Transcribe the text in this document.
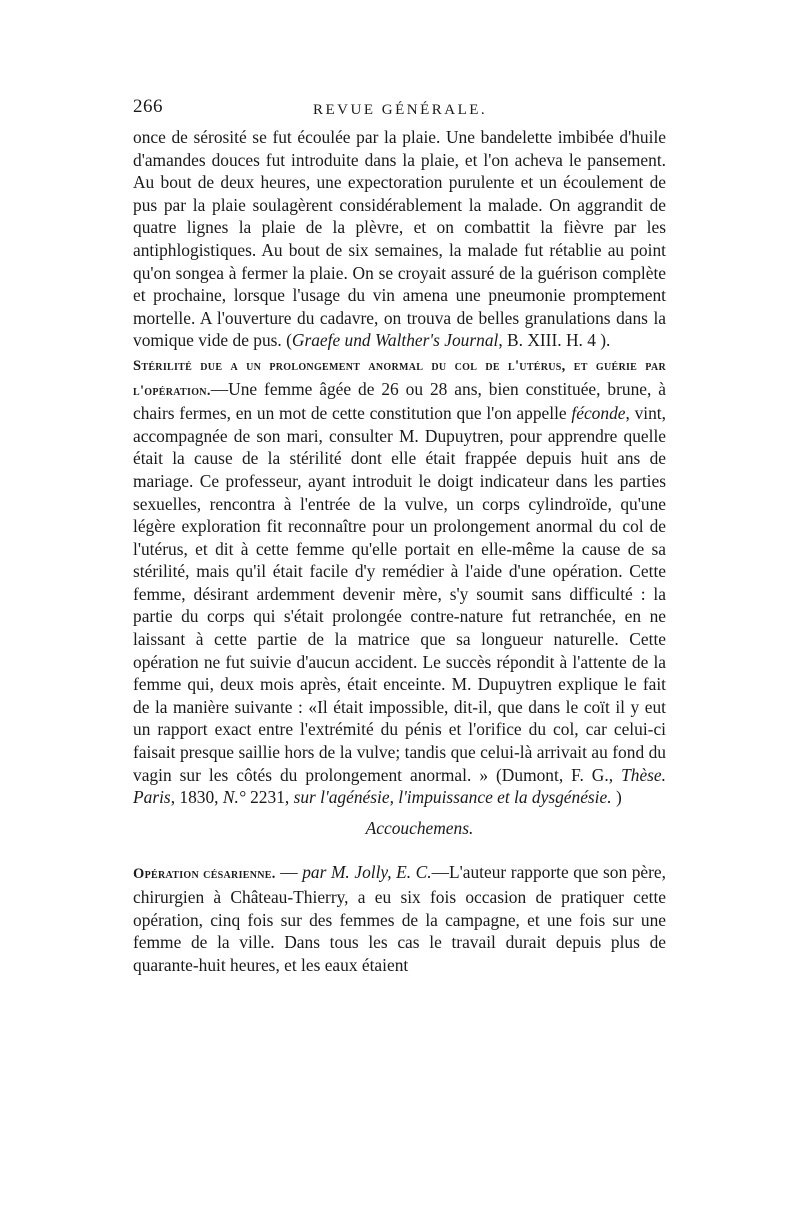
266	REVUE GÉNÉRALE.

once de sérosité se fut écoulée par la plaie. Une bandelette imbibée d'huile d'amandes douces fut introduite dans la plaie, et l'on acheva le pansement. Au bout de deux heures, une expectoration purulente et un écoulement de pus par la plaie soulagèrent considérablement la malade. On aggrandit de quatre lignes la plaie de la plèvre, et on combattit la fièvre par les antiphlogistiques. Au bout de six semaines, la malade fut rétablie au point qu'on songea à fermer la plaie. On se croyait assuré de la guérison complète et prochaine, lorsque l'usage du vin amena une pneumonie promptement mortelle. A l'ouverture du cadavre, on trouva de belles granulations dans la vomique vide de pus. (Graefe und Walther's Journal, B. XIII. H. 4 ).

Stérilité due a un prolongement anormal du col de l'utérus, et guérie par l'opération.—Une femme âgée de 26 ou 28 ans, bien constituée, brune, à chairs fermes, en un mot de cette constitution que l'on appelle féconde, vint, accompagnée de son mari, consulter M. Dupuytren, pour apprendre quelle était la cause de la stérilité dont elle était frappée depuis huit ans de mariage. Ce professeur, ayant introduit le doigt indicateur dans les parties sexuelles, rencontra à l'entrée de la vulve, un corps cylindroïde, qu'une légère exploration fit reconnaître pour un prolongement anormal du col de l'utérus, et dit à cette femme qu'elle portait en elle-même la cause de sa stérilité, mais qu'il était facile d'y remédier à l'aide d'une opération. Cette femme, désirant ardemment devenir mère, s'y soumit sans difficulté : la partie du corps qui s'était prolongée contre-nature fut retranchée, en ne laissant à cette partie de la matrice que sa longueur naturelle. Cette opération ne fut suivie d'aucun accident. Le succès répondit à l'attente de la femme qui, deux mois après, était enceinte. M. Dupuytren explique le fait de la manière suivante : «Il était impossible, dit-il, que dans le coït il y eut un rapport exact entre l'extrémité du pénis et l'orifice du col, car celui-ci faisait presque saillie hors de la vulve; tandis que celui-là arrivait au fond du vagin sur les côtés du prolongement anormal. » (Dumont, F. G., Thèse. Paris, 1830, N.° 2231, sur l'agénésie, l'impuissance et la dysgénésie. )

Accouchemens.

Opération césarienne. — par M. Jolly, E. C.—L'auteur rapporte que son père, chirurgien à Château-Thierry, a eu six fois occasion de pratiquer cette opération, cinq fois sur des femmes de la campagne, et une fois sur une femme de la ville. Dans tous les cas le travail durait depuis plus de quarante-huit heures, et les eaux étaient
